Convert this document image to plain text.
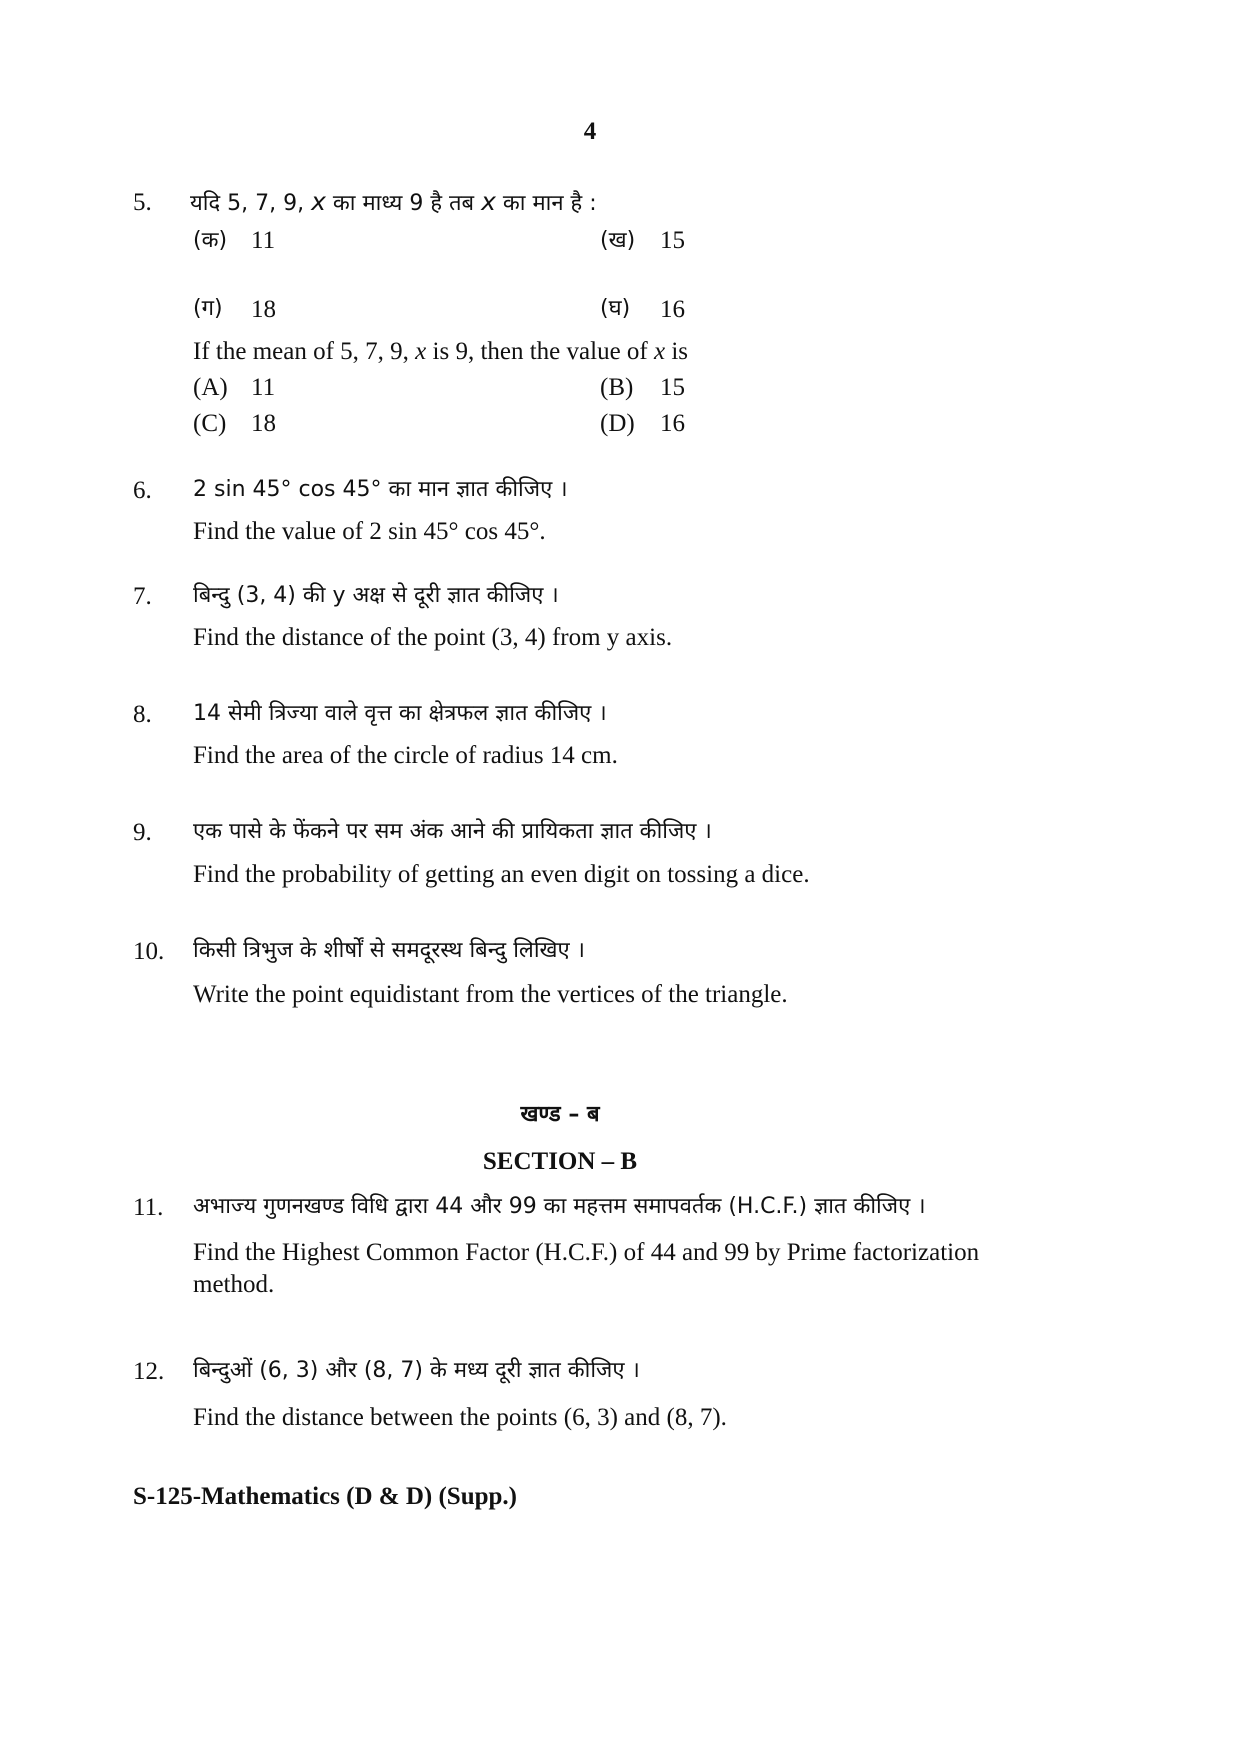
4
5. यदि 5, 7, 9, x का माध्य 9 है तब x का मान है :
(क) 11	(ख) 15
(ग) 18	(घ) 16
If the mean of 5, 7, 9, x is 9, then the value of x is
(A) 11	(B) 15
(C) 18	(D) 16
6. 2 sin 45° cos 45° का मान ज्ञात कीजिए ।
Find the value of 2 sin 45° cos 45°.
7. बिन्दु (3, 4) की y अक्ष से दूरी ज्ञात कीजिए ।
Find the distance of the point (3, 4) from y axis.
8. 14 सेमी त्रिज्या वाले वृत्त का क्षेत्रफल ज्ञात कीजिए ।
Find the area of the circle of radius 14 cm.
9. एक पासे के फेंकने पर सम अंक आने की प्रायिकता ज्ञात कीजिए ।
Find the probability of getting an even digit on tossing a dice.
10. किसी त्रिभुज के शीर्षों से समदूरस्थ बिन्दु लिखिए ।
Write the point equidistant from the vertices of the triangle.
खण्ड – ब
SECTION – B
11. अभाज्य गुणनखण्ड विधि द्वारा 44 और 99 का महत्तम समापवर्तक (H.C.F.) ज्ञात कीजिए ।
Find the Highest Common Factor (H.C.F.) of 44 and 99 by Prime factorization
method.
12. बिन्दुओं (6, 3) और (8, 7) के मध्य दूरी ज्ञात कीजिए ।
Find the distance between the points (6, 3) and (8, 7).
S-125-Mathematics (D & D) (Supp.)
